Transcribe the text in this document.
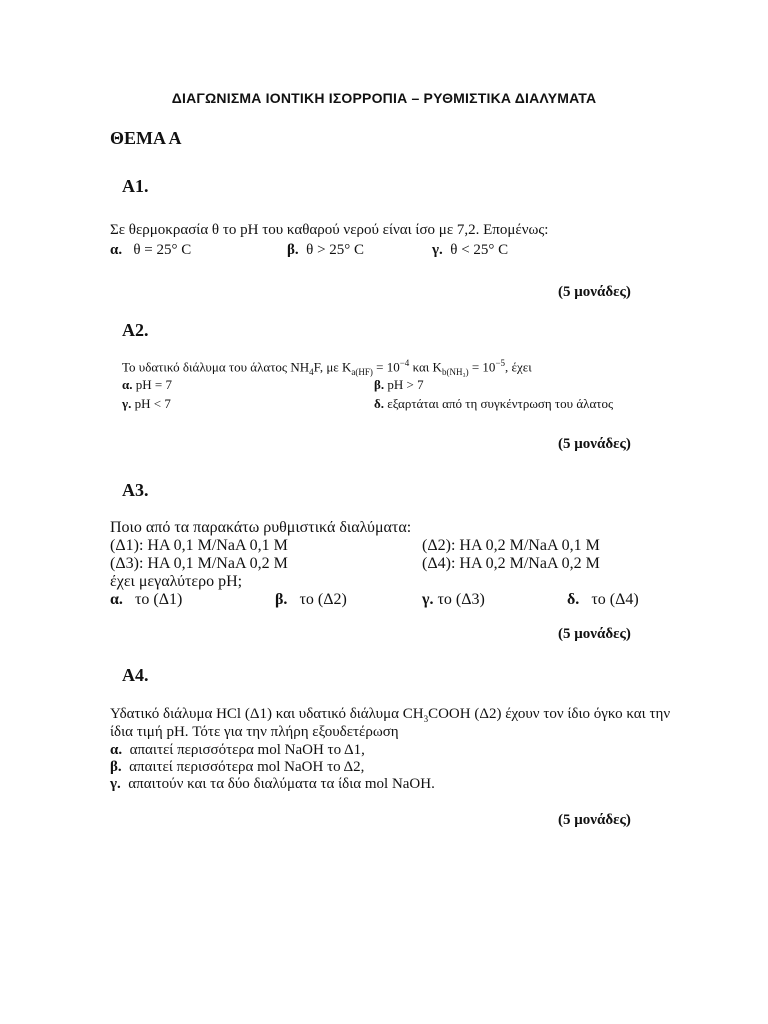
ΔΙΑΓΩΝΙΣΜΑ ΙΟΝΤΙΚΗ ΙΣΟΡΡΟΠΙΑ – ΡΥΘΜΙΣΤΙΚΑ ΔΙΑΛΥΜΑΤΑ
ΘΕΜΑ Α
Α1.
Σε θερμοκρασία θ το pH του καθαρού νερού είναι ίσο με 7,2. Επομένως:
α. θ = 25° C	β. θ > 25° C	γ. θ < 25° C
(5 μονάδες)
Α2.
Το υδατικό διάλυμα του άλατος $NH_4F$, με $K_{a(HF)} = 10^{-4}$ και $K_{b(NH_3)} = 10^{-5}$, έχει
α. pH = 7	β. pH > 7
γ. pH < 7	δ. εξαρτάται από τη συγκέντρωση του άλατος
(5 μονάδες)
Α3.
Ποιο από τα παρακάτω ρυθμιστικά διαλύματα:
(Δ1): HA 0,1 M/NaA 0,1 M	(Δ2): HA 0,2 M/NaA 0,1 M
(Δ3): HA 0,1 M/NaA 0,2 M	(Δ4): HA 0,2 M/NaA 0,2 M
έχει μεγαλύτερο pH;
α. το (Δ1)	β. το (Δ2)	γ. το (Δ3)	δ. το (Δ4)
(5 μονάδες)
Α4.
Υδατικό διάλυμα HCl (Δ1) και υδατικό διάλυμα $CH_3COOH$ (Δ2) έχουν τον ίδιο όγκο και την
ίδια τιμή pH. Τότε για την πλήρη εξουδετέρωση
α. απαιτεί περισσότερα mol NaOH το Δ1,
β. απαιτεί περισσότερα mol NaOH το Δ2,
γ. απαιτούν και τα δύο διαλύματα τα ίδια mol NaOH.
(5 μονάδες)
